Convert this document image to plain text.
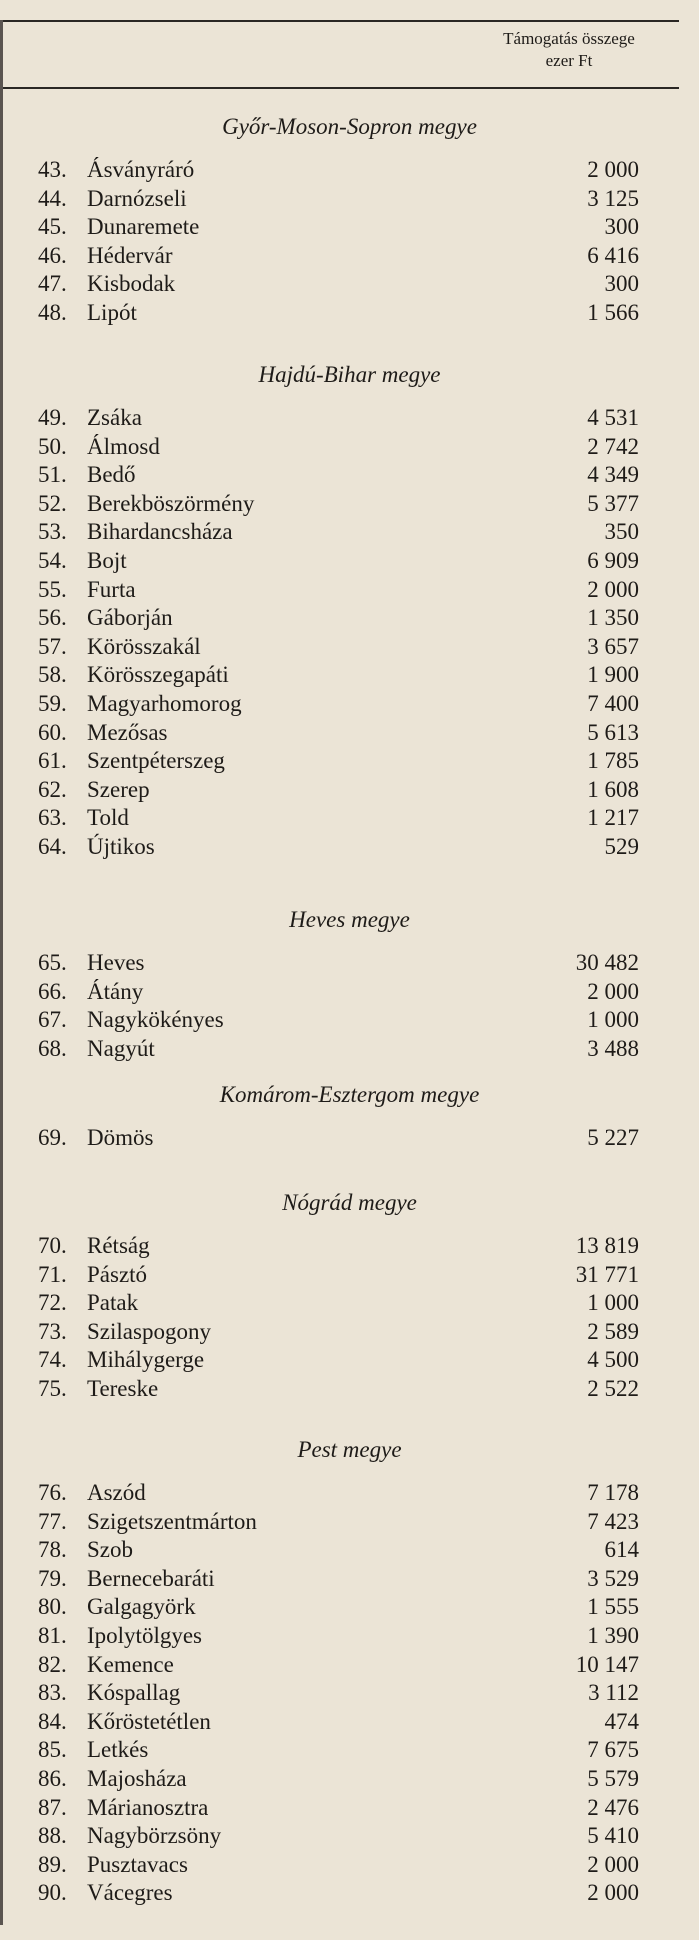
Támogatás összege
ezer Ft
Győr-Moson-Sopron megye
43. Ásványráró	2 000
44. Darnózseli	3 125
45. Dunaremete	300
46. Hédervár	6 416
47. Kisbodak	300
48. Lipót	1 566
Hajdú-Bihar megye
49. Zsáka	4 531
50. Álmosd	2 742
51. Bedő	4 349
52. Berekböszörmény	5 377
53. Bihardancsháza	350
54. Bojt	6 909
55. Furta	2 000
56. Gáborján	1 350
57. Körösszakál	3 657
58. Körösszegapáti	1 900
59. Magyarhomorog	7 400
60. Mezősas	5 613
61. Szentpéterszeg	1 785
62. Szerep	1 608
63. Told	1 217
64. Újtikos	529
Heves megye
65. Heves	30 482
66. Átány	2 000
67. Nagykökényes	1 000
68. Nagyút	3 488
Komárom-Esztergom megye
69. Dömös	5 227
Nógrád megye
70. Rétság	13 819
71. Pásztó	31 771
72. Patak	1 000
73. Szilaspogony	2 589
74. Mihálygerge	4 500
75. Tereske	2 522
Pest megye
76. Aszód	7 178
77. Szigetszentmárton	7 423
78. Szob	614
79. Bernecebaráti	3 529
80. Galgagyörk	1 555
81. Ipolytölgyes	1 390
82. Kemence	10 147
83. Kóspallag	3 112
84. Kőröstetétlen	474
85. Letkés	7 675
86. Majosháza	5 579
87. Márianosztra	2 476
88. Nagybörzsöny	5 410
89. Pusztavacs	2 000
90. Vácegres	2 000
